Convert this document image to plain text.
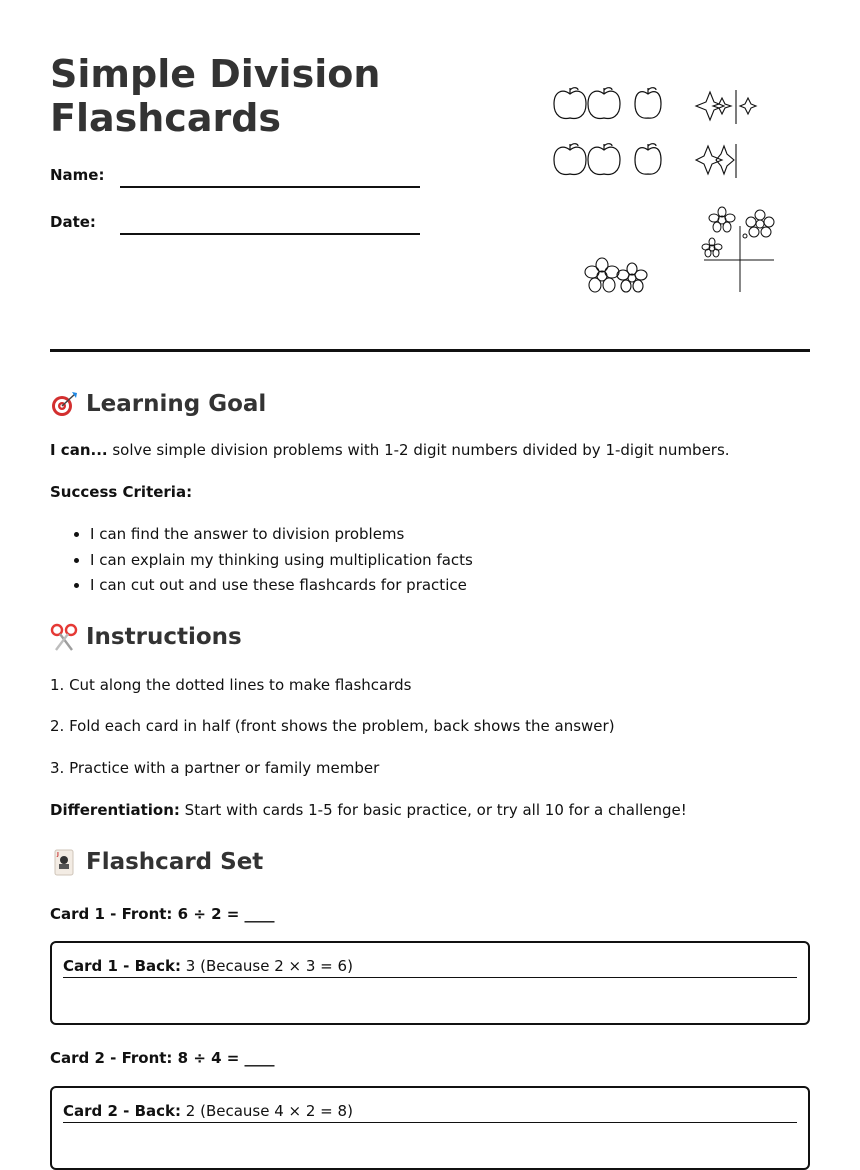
Simple Division Flashcards
Name:
Date:
Learning Goal
I can... solve simple division problems with 1-2 digit numbers divided by 1-digit numbers.
Success Criteria:
• I can find the answer to division problems
• I can explain my thinking using multiplication facts
• I can cut out and use these flashcards for practice
Instructions
1. Cut along the dotted lines to make flashcards
2. Fold each card in half (front shows the problem, back shows the answer)
3. Practice with a partner or family member
Differentiation: Start with cards 1-5 for basic practice, or try all 10 for a challenge!
J Flashcard Set
Card 1 - Front: 6 ÷ 2 = ____
Card 1 - Back: 3 (Because 2 × 3 = 6)
Card 2 - Front: 8 ÷ 4 = ____
Card 2 - Back: 2 (Because 4 × 2 = 8)
